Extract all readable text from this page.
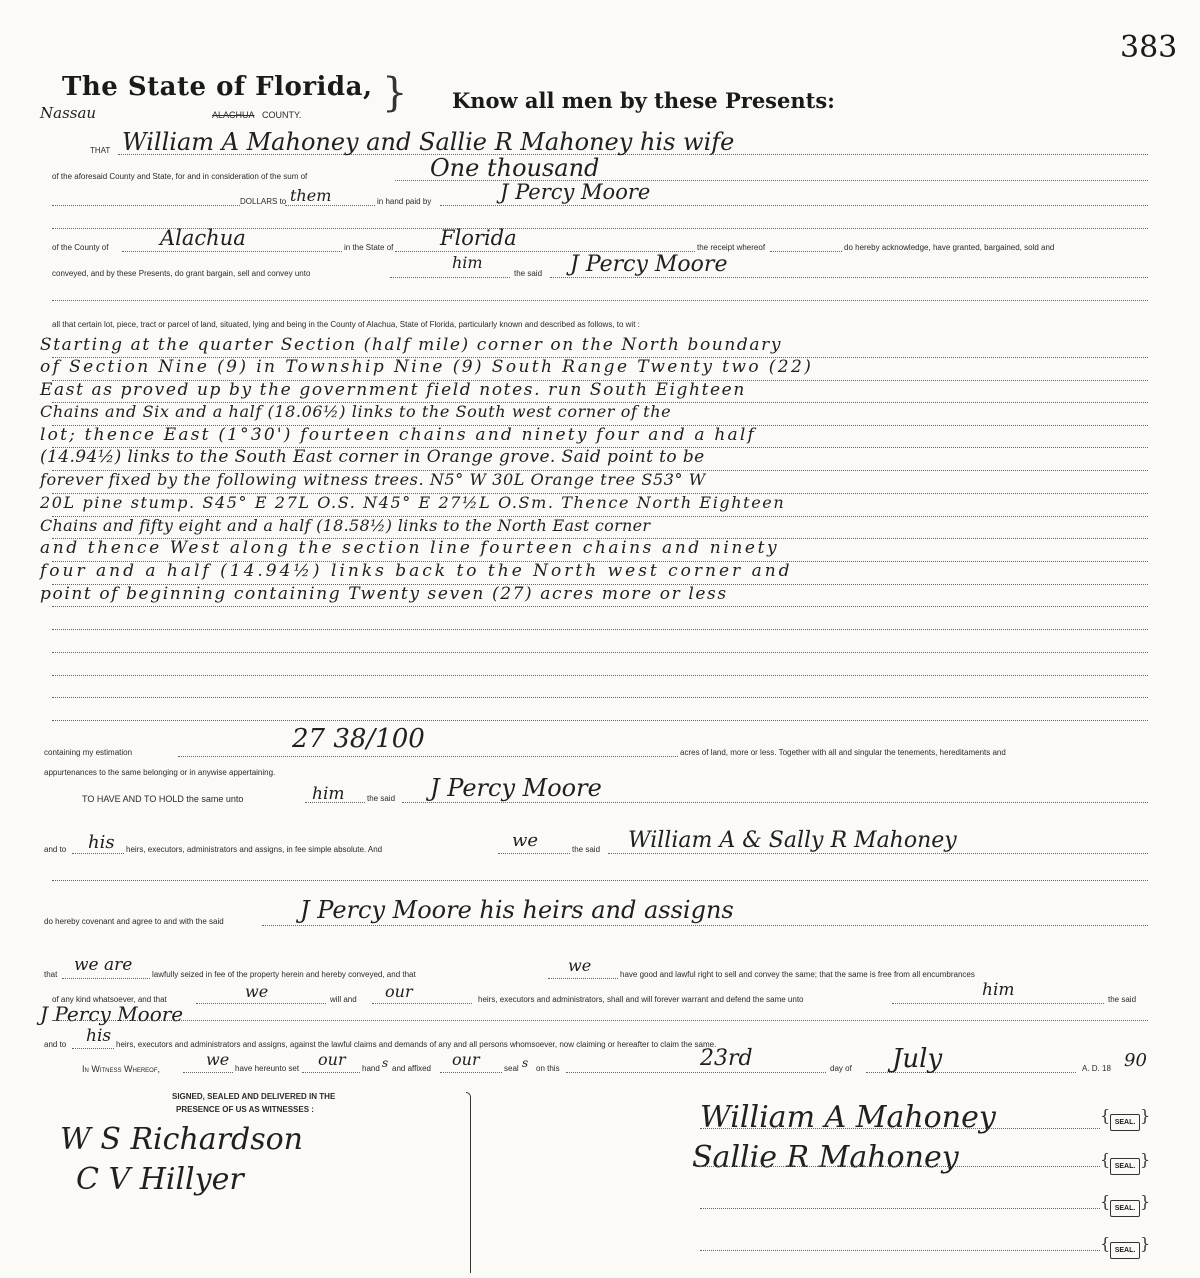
383
The State of Florida,
Nassau	ALACHUA COUNTY. } Know all men by these Presents:
THAT William A Mahoney and Sallie R Mahoney his wife
of the aforesaid County and State, for and in consideration of the sum of	One thousand
DOLLARS to them	in hand paid by	J Percy Moore
of the County of Alachua	in the State of Florida	the receipt whereof	do hereby acknowledge, have granted, bargained, sold and
conveyed, and by these Presents, do grant bargain, sell and convey unto
him
the said J Percy Moore
all that certain lot, piece, tract or parcel of land, situated, lying and being in the County of Alachua, State of Florida, particularly known and described as follows, to wit :
Starting at the quarter Section (half mile) corner on the North boundary
of Section Nine (9) in Township Nine (9) South Range Twenty two (22)
East as proved up by the government field notes. run South Eighteen
Chains and Six and a half (18.06½) links to the South west corner of the
lot; thence East (1°30') fourteen chains and ninety four and a half
(14.94½) links to the South East corner in Orange grove. Said point to be
forever fixed by the following witness trees. N5° W 30L Orange tree S53° W
20L pine stump. S45° E 27L O.S. N45° E 27½L O.Sm. Thence North Eighteen
Chains and fifty eight and a half (18.58½) links to the North East corner
and thence West along the section line fourteen chains and ninety
four and a half (14.94½) links back to the North west corner and
point of beginning containing Twenty seven (27) acres more or less
containing my estimation	27 38/100	acres of land, more or less. Together with all and singular the tenements, hereditaments and
appurtenances to the same belonging or in anywise appertaining.
TO HAVE AND TO HOLD the same unto	him	the said J Percy Moore
and to his heirs, executors, administrators and assigns, in fee simple absolute. And	we	the said William A & Sally R Mahoney
do hereby covenant and agree to and with the said	J Percy Moore his heirs and assigns
that we are lawfully seized in fee of the property herein and hereby conveyed, and that	we	have good and lawful right to sell and convey the same; that the same is free from all encumbrances
of any kind whatsoever, and that	we	will and our	heirs, executors and administrators, shall and will forever warrant and defend the same unto	him	the said
J Percy Moore
and to his heirs, executors and administrators and assigns, against the lawful claims and demands of any and all persons whomsoever, now claiming or hereafter to claim the same.
In Witness Whereof,	we have hereunto set our hand s and affixed our	seal s on this	23rd	day of July	A. D. 18 90
SIGNED, SEALED AND DELIVERED IN THE
PRESENCE OF US AS WITNESSES :
W S Richardson
C V Hillyer
William A Mahoney
Sallie R Mahoney
{ SEAL. }
{ SEAL. }
{ SEAL. }
{ SEAL. }
